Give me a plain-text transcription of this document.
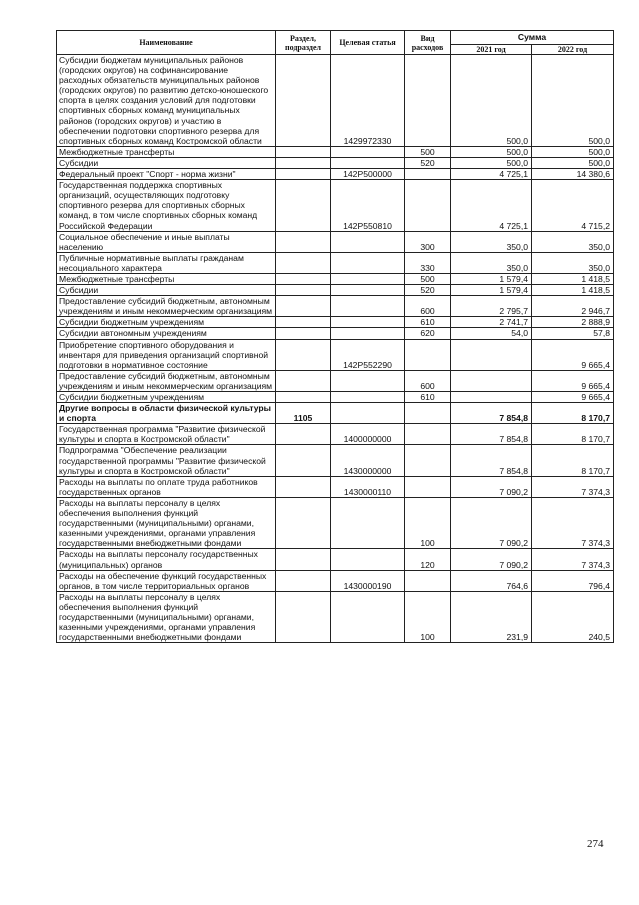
Наименование	Раздел, подраздел	Целевая статья	Вид расходов	Сумма	
				2021 год	2022 год
Субсидии бюджетам муниципальных районов (городских округов) на софинансирование расходных обязательств муниципальных районов (городских округов) по развитию детско-юношеского спорта в целях создания условий для подготовки спортивных сборных команд муниципальных районов (городских округов) и участию в обеспечении подготовки спортивного резерва для спортивных сборных команд Костромской области		1429972330		500,0	500,0
Межбюджетные трансферты			500	500,0	500,0
Субсидии			520	500,0	500,0
Федеральный проект "Спорт - норма жизни"		142P500000		4 725,1	14 380,6
Государственная поддержка спортивных организаций, осуществляющих подготовку спортивного резерва для спортивных сборных команд, в том числе спортивных сборных команд Российской Федерации		142P550810		4 725,1	4 715,2
Социальное обеспечение и иные выплаты населению			300	350,0	350,0
Публичные нормативные выплаты гражданам несоциального характера			330	350,0	350,0
Межбюджетные трансферты			500	1 579,4	1 418,5
Субсидии			520	1 579,4	1 418,5
Предоставление субсидий бюджетным, автономным учреждениям и иным некоммерческим организациям			600	2 795,7	2 946,7
Субсидии бюджетным учреждениям			610	2 741,7	2 888,9
Субсидии автономным учреждениям			620	54,0	57,8
Приобретение спортивного оборудования и инвентаря для приведения организаций спортивной подготовки в нормативное состояние		142P552290			9 665,4
Предоставление субсидий бюджетным, автономным учреждениям и иным некоммерческим организациям			600		9 665,4
Субсидии бюджетным учреждениям			610		9 665,4
Другие вопросы в области физической культуры и спорта	1105			7 854,8	8 170,7
Государственная программа "Развитие физической культуры и спорта в Костромской области"		1400000000		7 854,8	8 170,7
Подпрограмма "Обеспечение реализации государственной программы "Развитие физической культуры и спорта в Костромской области"		1430000000		7 854,8	8 170,7
Расходы на выплаты по оплате труда работников государственных органов		1430000110		7 090,2	7 374,3
Расходы на выплаты персоналу в целях обеспечения выполнения функций государственными (муниципальными) органами, казенными учреждениями, органами управления государственными внебюджетными фондами			100	7 090,2	7 374,3
Расходы на выплаты персоналу государственных (муниципальных) органов			120	7 090,2	7 374,3
Расходы на обеспечение функций государственных органов, в том числе территориальных органов		1430000190		764,6	796,4
Расходы на выплаты персоналу в целях обеспечения выполнения функций государственными (муниципальными) органами, казенными учреждениями, органами управления государственными внебюджетными фондами			100	231,9	240,5
274
